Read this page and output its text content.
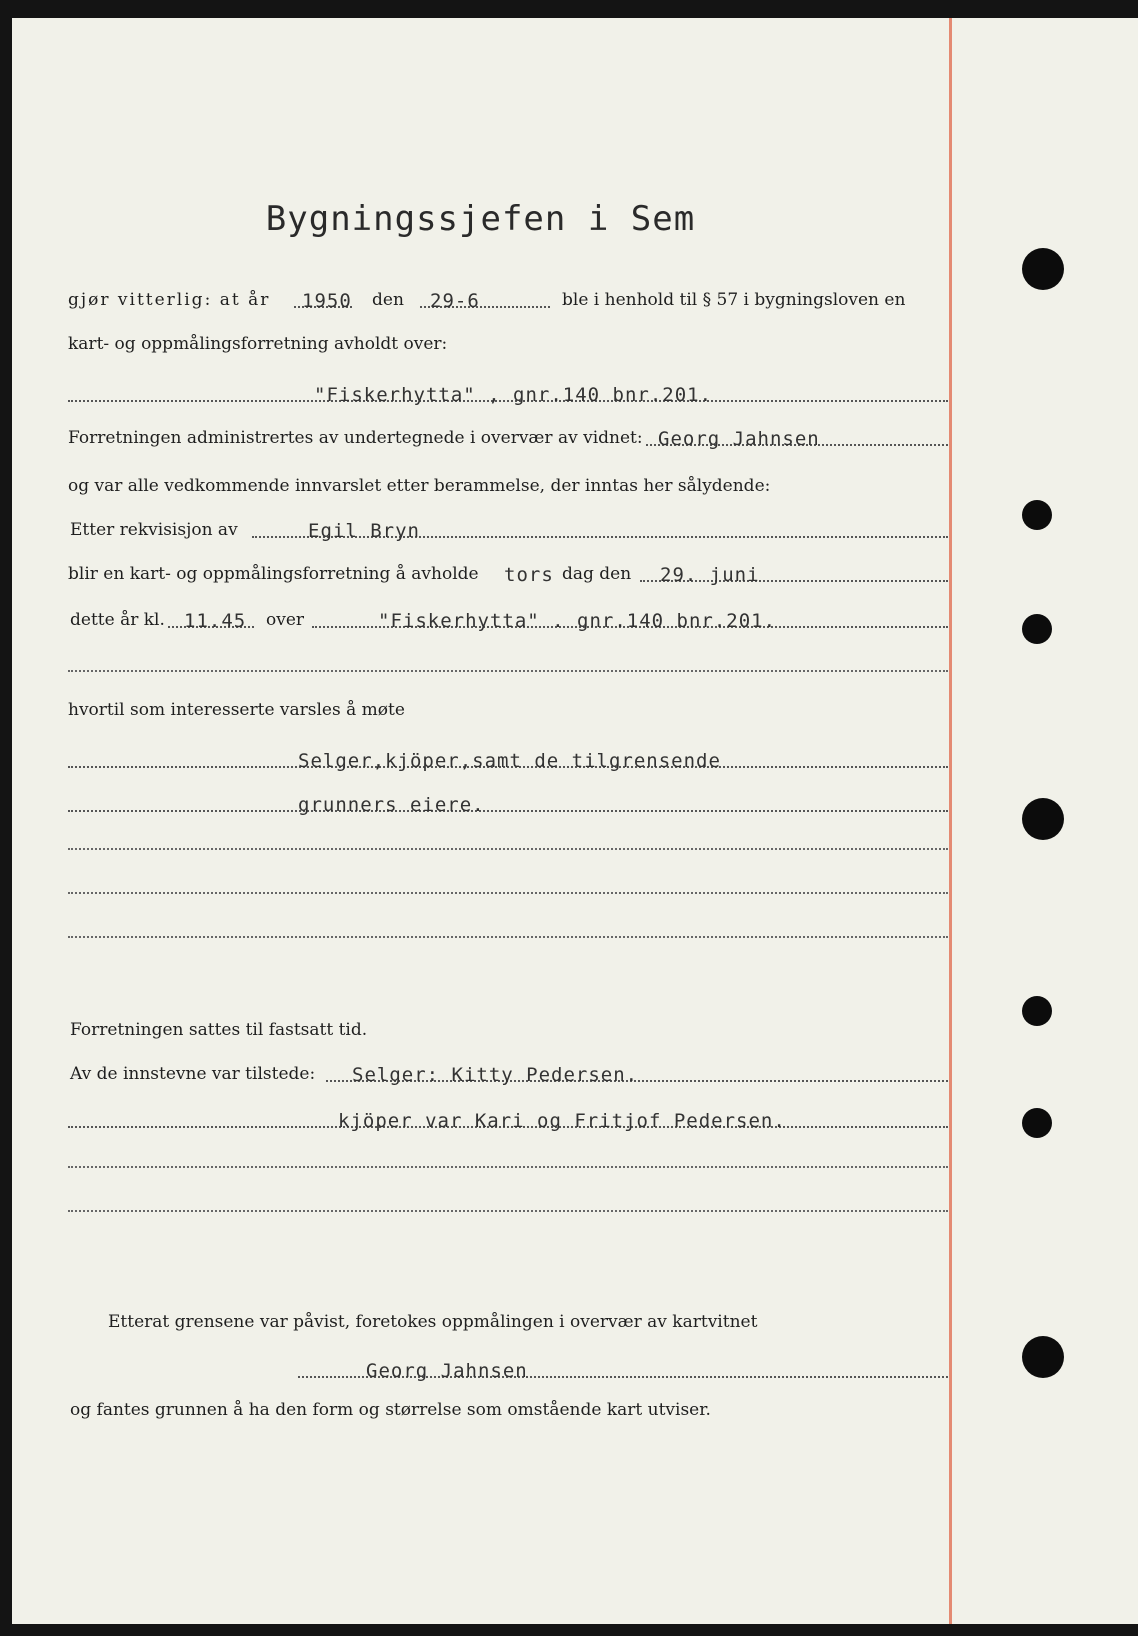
Bygningssjefen i Sem
gjør vitterlig: at år 1950 den 29-6	ble i henhold til § 57 i bygningsloven en
kart- og oppmålingsforretning avholdt over:
"Fiskerhytta" , gnr.140 bnr.201.
Forretningen administrertes av undertegnede i overvær av vidnet: Georg Jahnsen
og var alle vedkommende innvarslet etter berammelse, der inntas her sålydende:
Etter rekvisisjon av	Egil Bryn
blir en kart- og oppmålingsforretning å avholde tors dag den 29. juni
dette år kl. 11.45 over	"Fiskerhytta" . gnr.140 bnr.201.
hvortil som interesserte varsles å møte
Selger,kjöper,samt de tilgrensende
grunners eiere.
Forretningen sattes til fastsatt tid.
Av de innstevne var tilstede: Selger: Kitty Pedersen.
kjöper var Kari og Fritjof Pedersen.
Etterat grensene var påvist, foretokes oppmålingen i overvær av kartvitnet
Georg Jahnsen
og fantes grunnen å ha den form og størrelse som omstående kart utviser.
